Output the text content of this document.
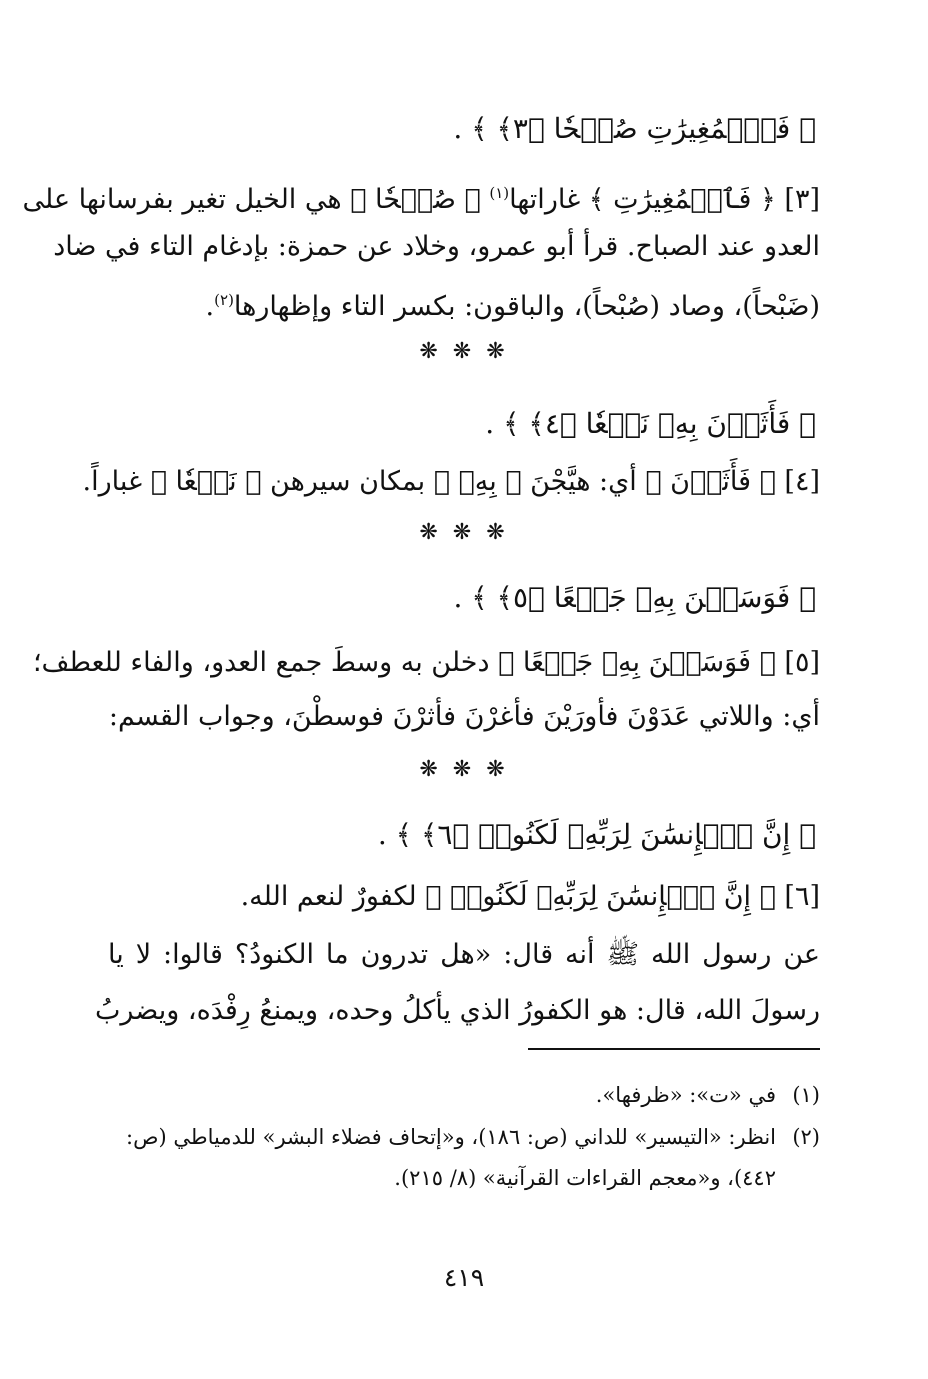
﴿ فَٱلۡمُغِيرَٰتِ صُبۡحٗا ﴿٣﴾ ﴾ .
[٣] ﴿ فَٱلۡمُغِيرَٰتِ ﴾ غاراتها$^{(١)}$ ﴿ صُبۡحٗا ﴾ هي الخيل تغير بفرسانها على
العدو عند الصباح. قرأ أبو عمرو، وخلاد عن حمزة: بإدغام التاء في ضاد
(ضَبْحاً)، وصاد (صُبْحاً)، والباقون: بكسر التاء وإظهارها$^{(٢)}$.
❋ ❋ ❋
﴿ فَأَثَرۡنَ بِهِۦ نَقۡعٗا ﴿٤﴾ ﴾ .
[٤] ﴿ فَأَثَرۡنَ ﴾ أي: هيَّجْنَ ﴿ بِهِۦ ﴾ بمكان سيرهن ﴿ نَقۡعٗا ﴾ غباراً.
❋ ❋ ❋
﴿ فَوَسَطۡنَ بِهِۦ جَمۡعًا ﴿٥﴾ ﴾ .
[٥] ﴿ فَوَسَطۡنَ بِهِۦ جَمۡعًا ﴾ دخلن به وسطَ جمع العدو، والفاء للعطف؛
أي: واللاتي عَدَوْنَ فأورَيْنَ فأغرْنَ فأثرْنَ فوسطْنَ، وجواب القسم:
❋ ❋ ❋
﴿ إِنَّ ٱلۡإِنسَٰنَ لِرَبِّهِۦ لَكَنُودٞ ﴿٦﴾ ﴾ .
[٦] ﴿ إِنَّ ٱلۡإِنسَٰنَ لِرَبِّهِۦ لَكَنُودٞ ﴾ لكفورٌ لنعم الله.
عن رسول الله ﷺ أنه قال: «هل تدرون ما الكنودُ؟ قالوا: لا يا
رسولَ الله، قال: هو الكفورُ الذي يأكلُ وحده، ويمنعُ رِفْدَه، ويضربُ
(١)في «ت»: «ظرفها».
(٢)انظر: «التيسير» للداني (ص: ١٨٦)، و«إتحاف فضلاء البشر» للدمياطي (ص:
٤٤٢)، و«معجم القراءات القرآنية» (٨/ ٢١٥).
٤١٩
